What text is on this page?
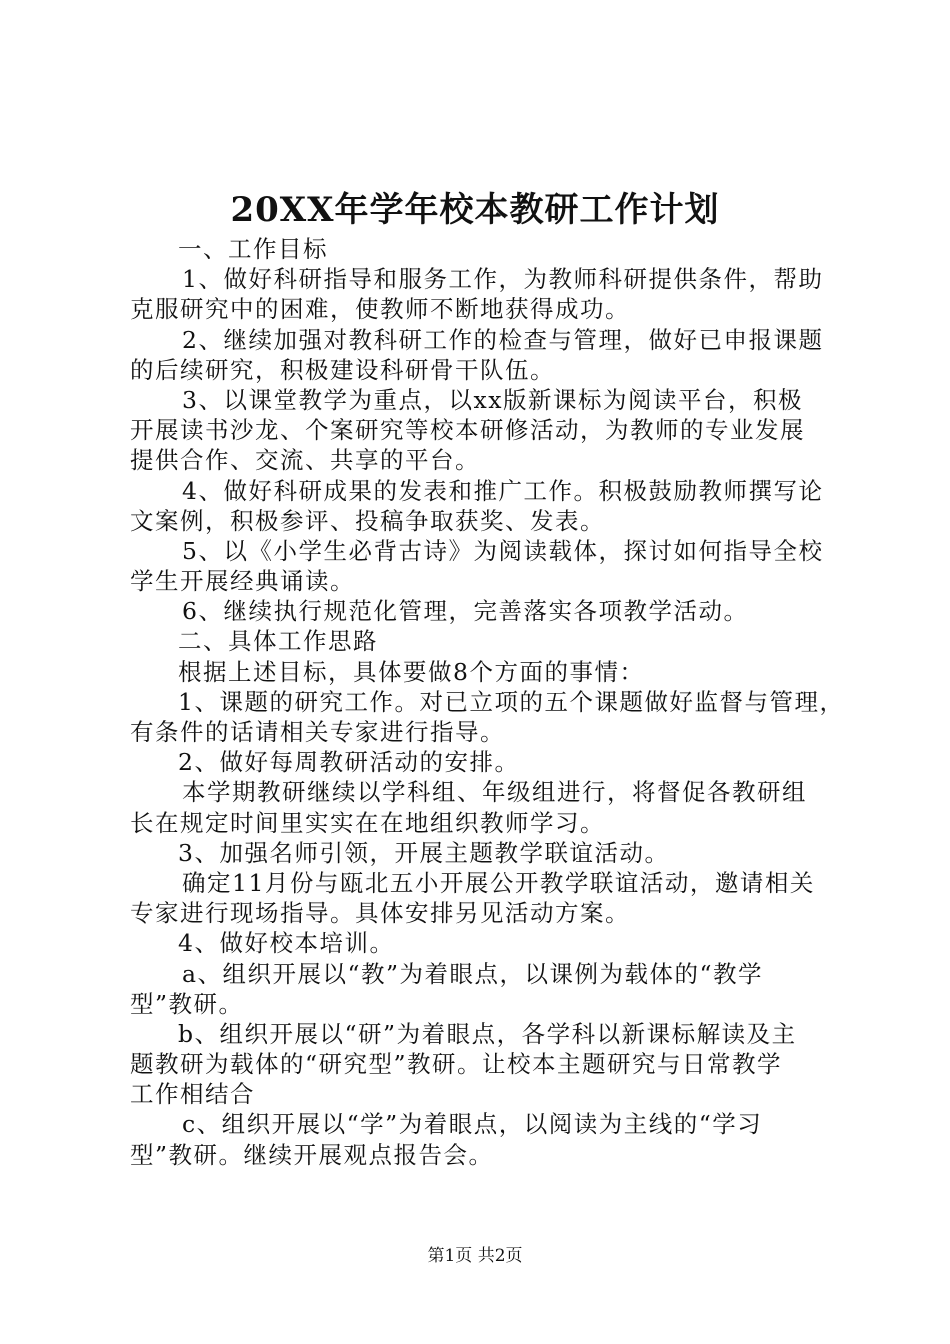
20XX年学年校本教研工作计划
一、工作目标
1、做好科研指导和服务工作，为教师科研提供条件，帮助
克服研究中的困难，使教师不断地获得成功。
2、继续加强对教科研工作的检查与管理，做好已申报课题
的后续研究，积极建设科研骨干队伍。
3、以课堂教学为重点，以xx版新课标为阅读平台，积极
开展读书沙龙、个案研究等校本研修活动，为教师的专业发展
提供合作、交流、共享的平台。
4、做好科研成果的发表和推广工作。积极鼓励教师撰写论
文案例，积极参评、投稿争取获奖、发表。
5、以《小学生必背古诗》为阅读载体，探讨如何指导全校
学生开展经典诵读。
6、继续执行规范化管理，完善落实各项教学活动。
二、具体工作思路
根据上述目标，具体要做8个方面的事情：
1、课题的研究工作。对已立项的五个课题做好监督与管理，
有条件的话请相关专家进行指导。
2、做好每周教研活动的安排。
本学期教研继续以学科组、年级组进行，将督促各教研组
长在规定时间里实实在在地组织教师学习。
3、加强名师引领，开展主题教学联谊活动。
确定11月份与瓯北五小开展公开教学联谊活动，邀请相关
专家进行现场指导。具体安排另见活动方案。
4、做好校本培训。
a、组织开展以“教”为着眼点，以课例为载体的“教学
型”教研。
b、组织开展以“研”为着眼点，各学科以新课标解读及主
题教研为载体的“研究型”教研。让校本主题研究与日常教学
工作相结合
c、组织开展以“学”为着眼点，以阅读为主线的“学习
型”教研。继续开展观点报告会。
第1页 共2页
